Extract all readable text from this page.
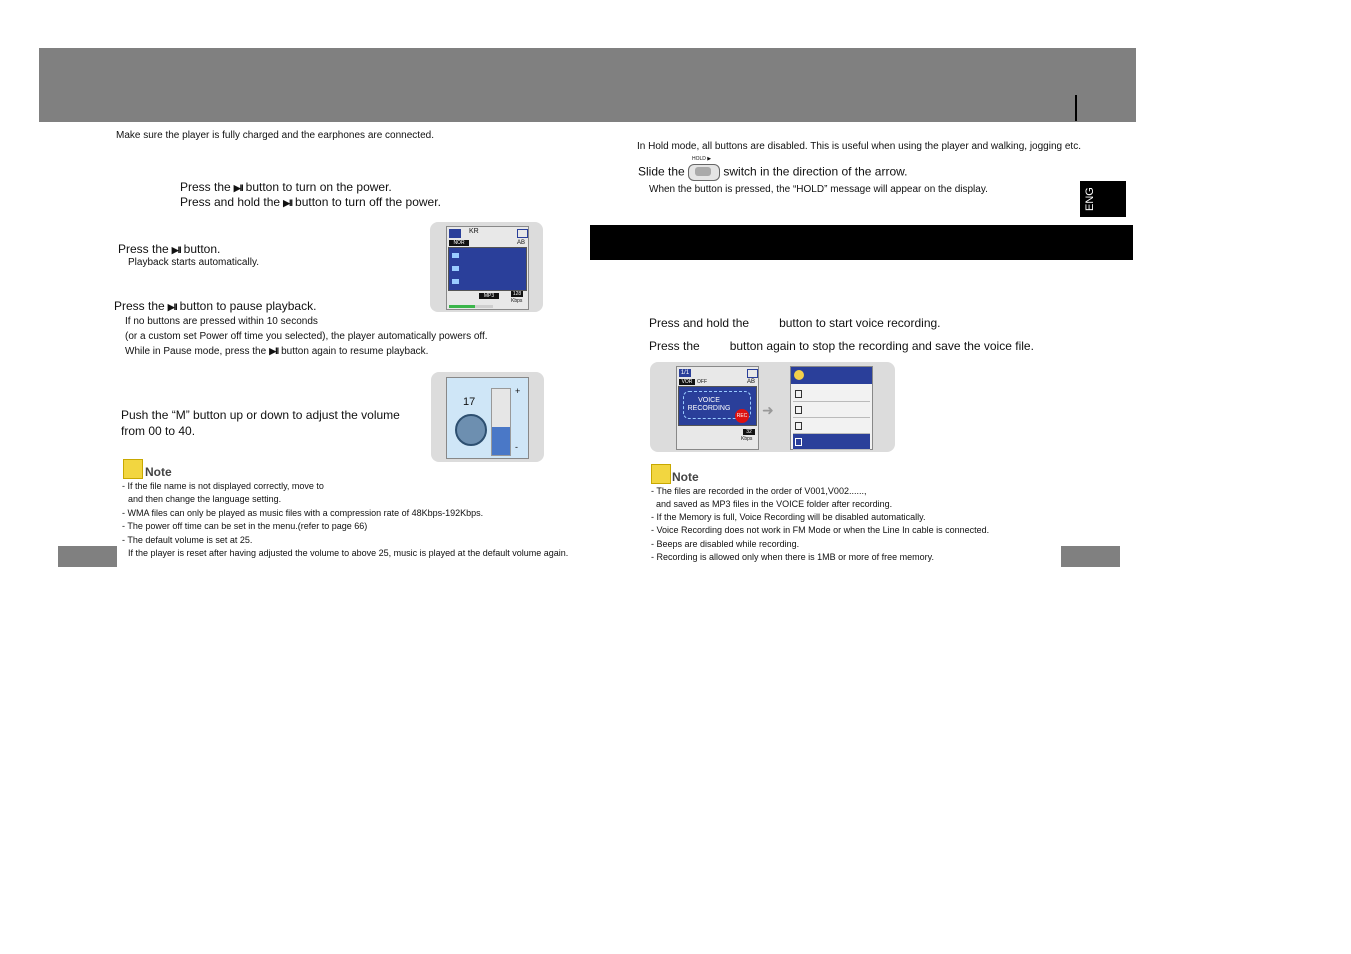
Make sure the player is fully charged and the earphones are connected.
Press the ▶II button to turn on the power.
Press and hold the ▶II button to turn off the power.
Press the ▶II button.
Playback starts automatically.
KR
NOR	AB
MP3	128
Kbps
Press the ▶II button to pause playback.
If no buttons are pressed within 10 seconds
(or a custom set Power off time you selected), the player automatically powers off.
While in Pause mode, press the ▶II button again to resume playback.
17
+
-
Push the “M” button up or down to adjust the volume
from 00 to 40.
Note
- If the file name is not displayed correctly, move to
and then change the language setting.
- WMA files can only be played as music files with a compression rate of 48Kbps-192Kbps.
- The power off time can be set in the menu.(refer to page 66)
- The default volume is set at 25.
If the player is reset after having adjusted the volume to above 25, music is played at the default volume again.
In Hold mode, all buttons are disabled. This is useful when using the player and walking, jogging etc.
HOLD ▶
Slide the	switch in the direction of the arrow.
When the button is pressed, the “HOLD” message will appear on the display.	ENG
Press and hold the	button to start voice recording.
Press the	button again to stop the recording and save the voice file.
1/1
VOR OFF	AB
VOICE
RECORDING
REC
32
Kbps
➜
Note
- The files are recorded in the order of V001,V002......,
and saved as MP3 files in the VOICE folder after recording.
- If the Memory is full, Voice Recording will be disabled automatically.
- Voice Recording does not work in FM Mode or when the Line In cable is connected.
- Beeps are disabled while recording.
- Recording is allowed only when there is 1MB or more of free memory.
